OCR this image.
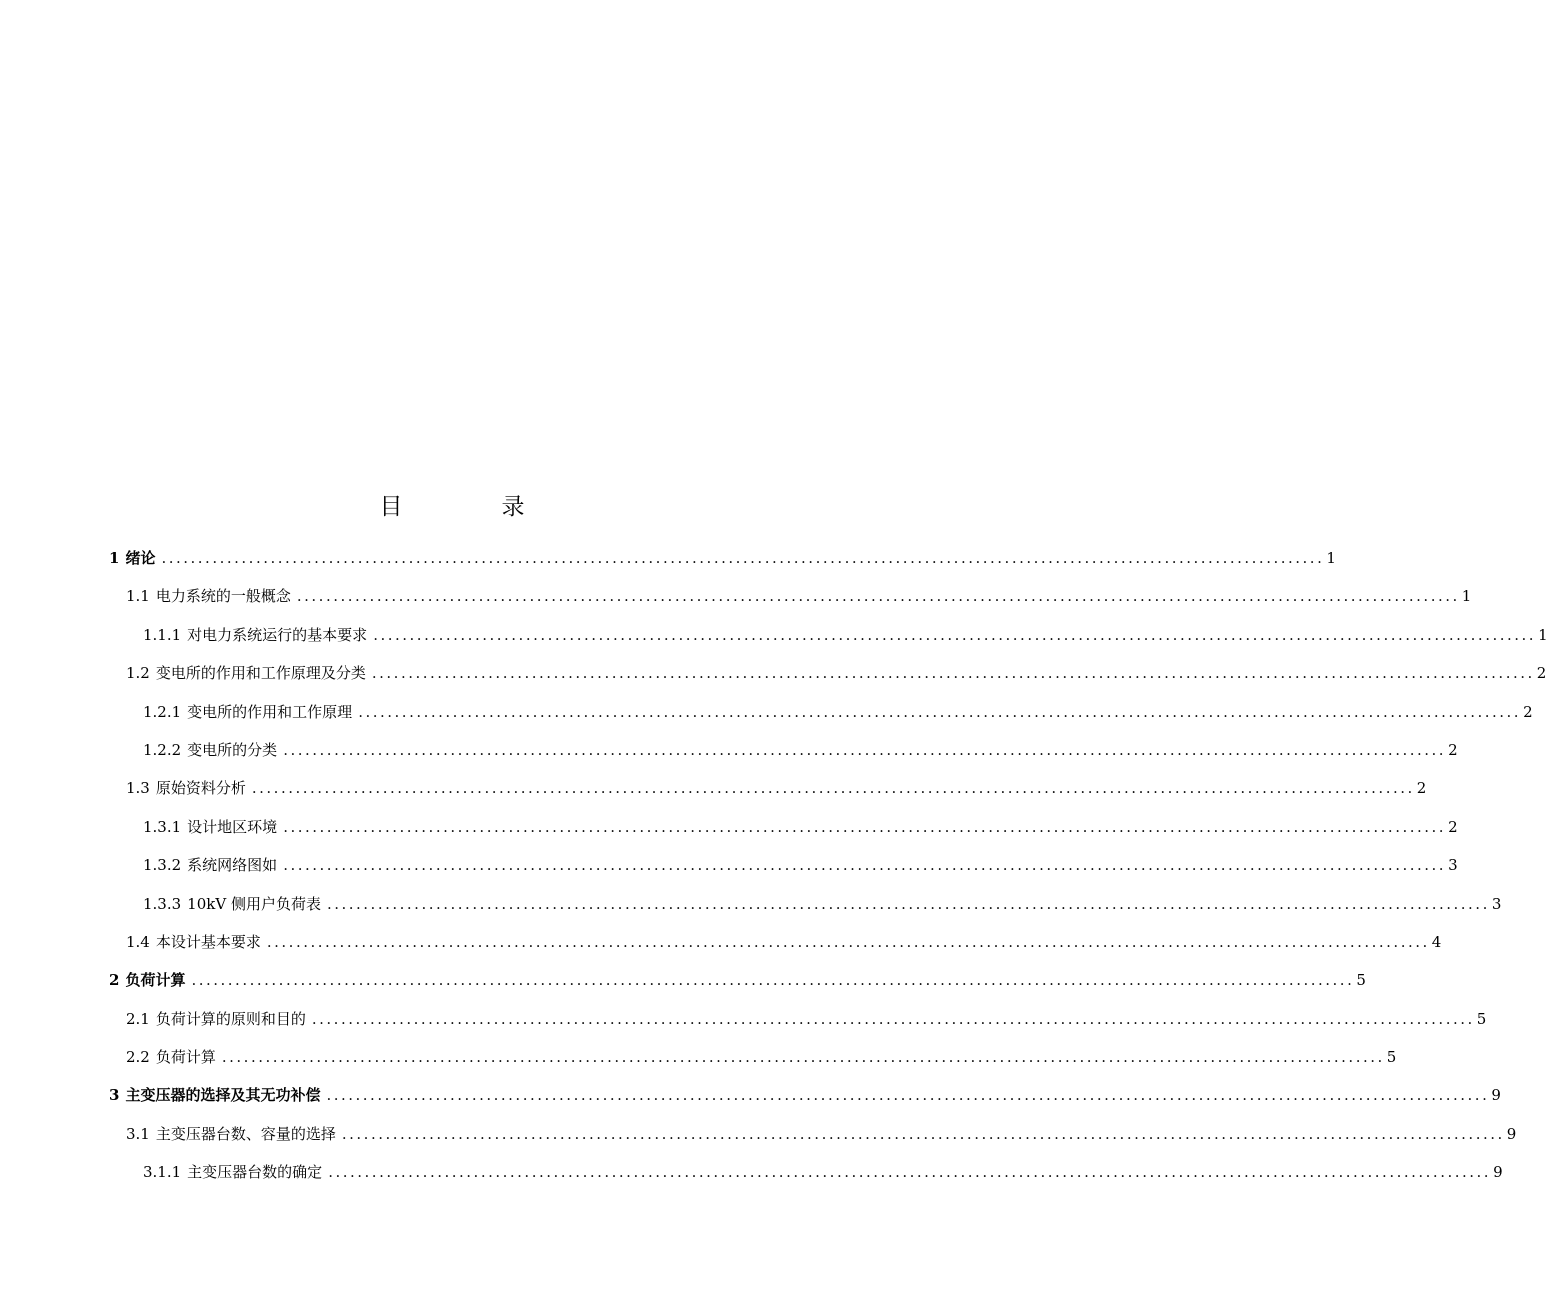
目　录
1 绪论 ................................................................................................................................................................ 1
1.1 电力系统的一般概念 ................................................................................................................................................................ 1
1.1.1 对电力系统运行的基本要求 ................................................................................................................................................................ 1
1.2 变电所的作用和工作原理及分类 ................................................................................................................................................................ 2
1.2.1 变电所的作用和工作原理 ................................................................................................................................................................ 2
1.2.2 变电所的分类 ................................................................................................................................................................ 2
1.3 原始资料分析 ................................................................................................................................................................ 2
1.3.1 设计地区环境 ................................................................................................................................................................ 2
1.3.2 系统网络图如 ................................................................................................................................................................ 3
1.3.3 10kV 侧用户负荷表 ................................................................................................................................................................ 3
1.4 本设计基本要求 ................................................................................................................................................................ 4
2 负荷计算 ................................................................................................................................................................ 5
2.1 负荷计算的原则和目的 ................................................................................................................................................................ 5
2.2 负荷计算 ................................................................................................................................................................ 5
3 主变压器的选择及其无功补偿 ................................................................................................................................................................ 9
3.1 主变压器台数、容量的选择 ................................................................................................................................................................ 9
3.1.1 主变压器台数的确定 ................................................................................................................................................................ 9
